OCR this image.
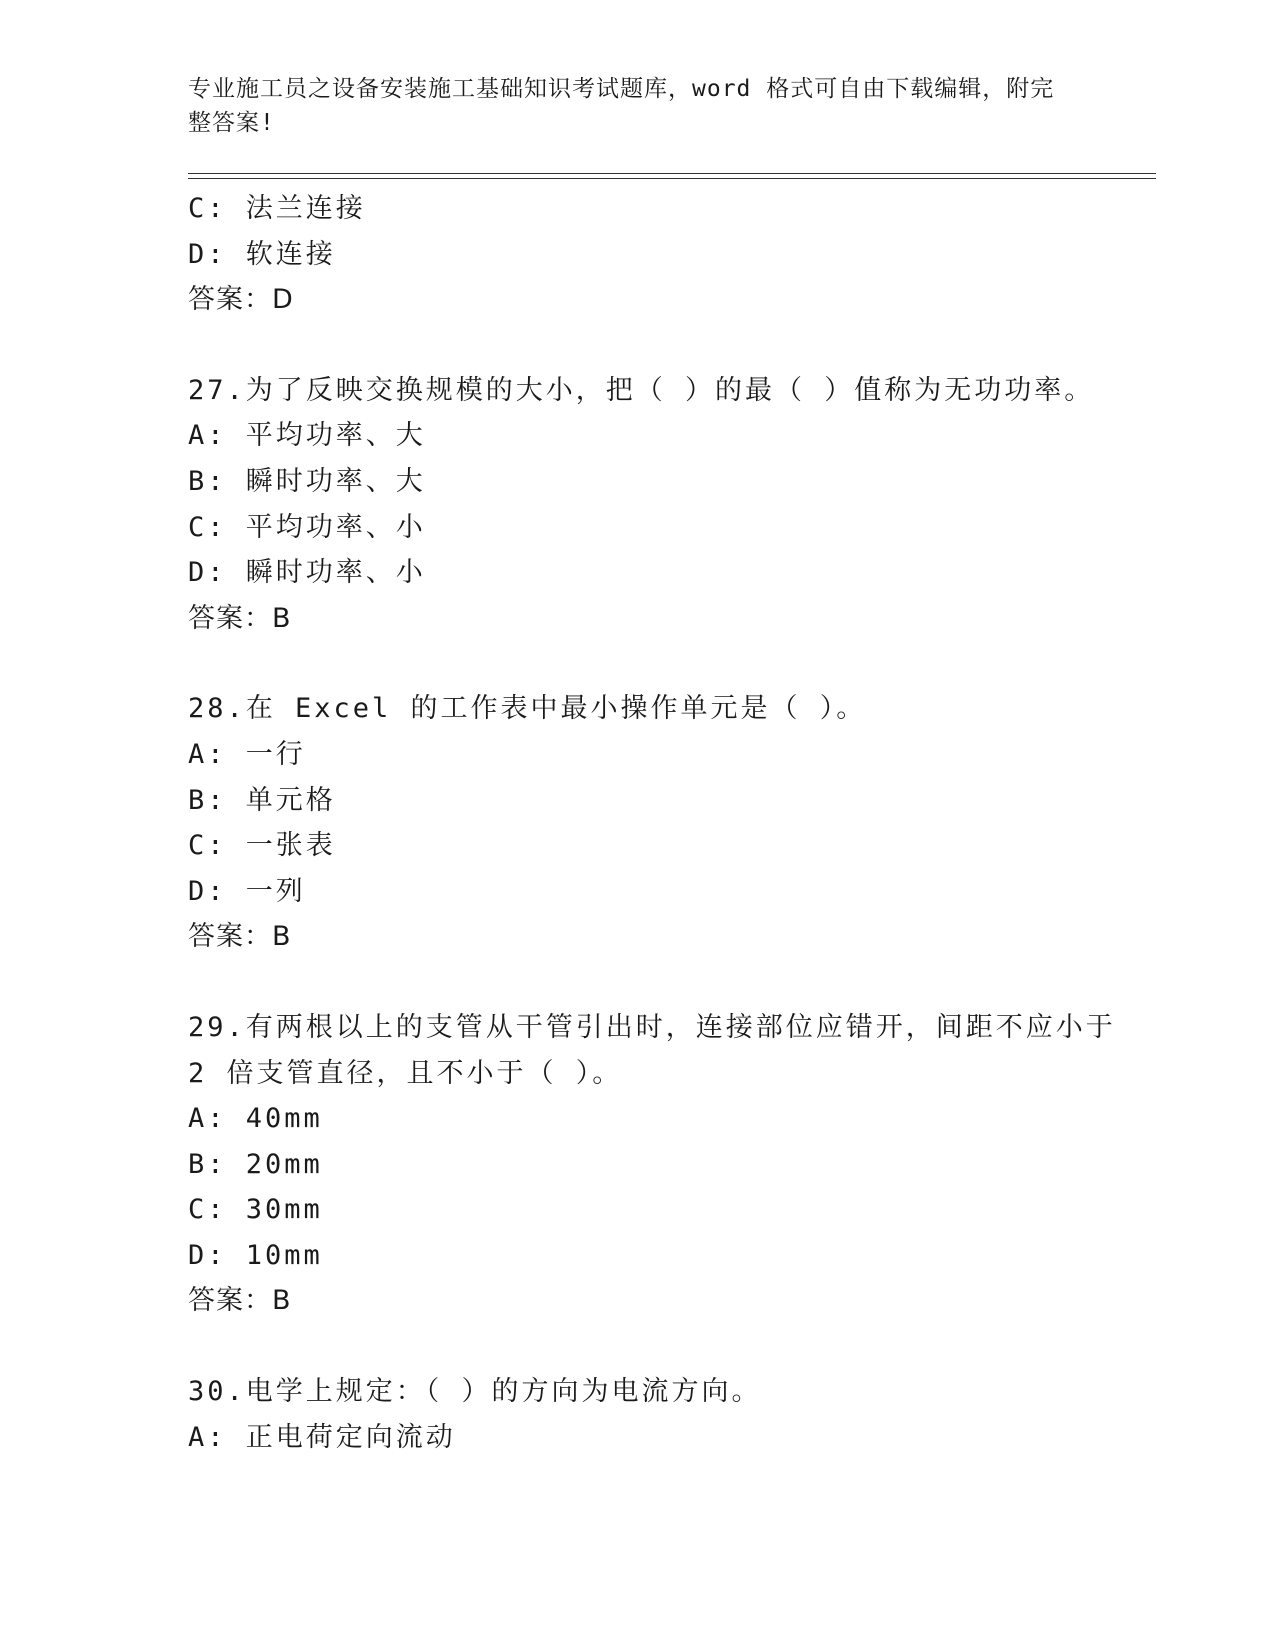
专业施工员之设备安装施工基础知识考试题库，word 格式可自由下载编辑，附完
整答案!
C: 法兰连接
D: 软连接
答案：D
27.为了反映交换规模的大小，把（ ）的最（ ）值称为无功功率。
A: 平均功率、大
B: 瞬时功率、大
C: 平均功率、小
D: 瞬时功率、小
答案：B
28.在 Excel 的工作表中最小操作单元是（ ）。
A: 一行
B: 单元格
C: 一张表
D: 一列
答案：B
29.有两根以上的支管从干管引出时，连接部位应错开，间距不应小于
2 倍支管直径，且不小于（ ）。
A: 40mm
B: 20mm
C: 30mm
D: 10mm
答案：B
30.电学上规定：（ ）的方向为电流方向。
A: 正电荷定向流动
